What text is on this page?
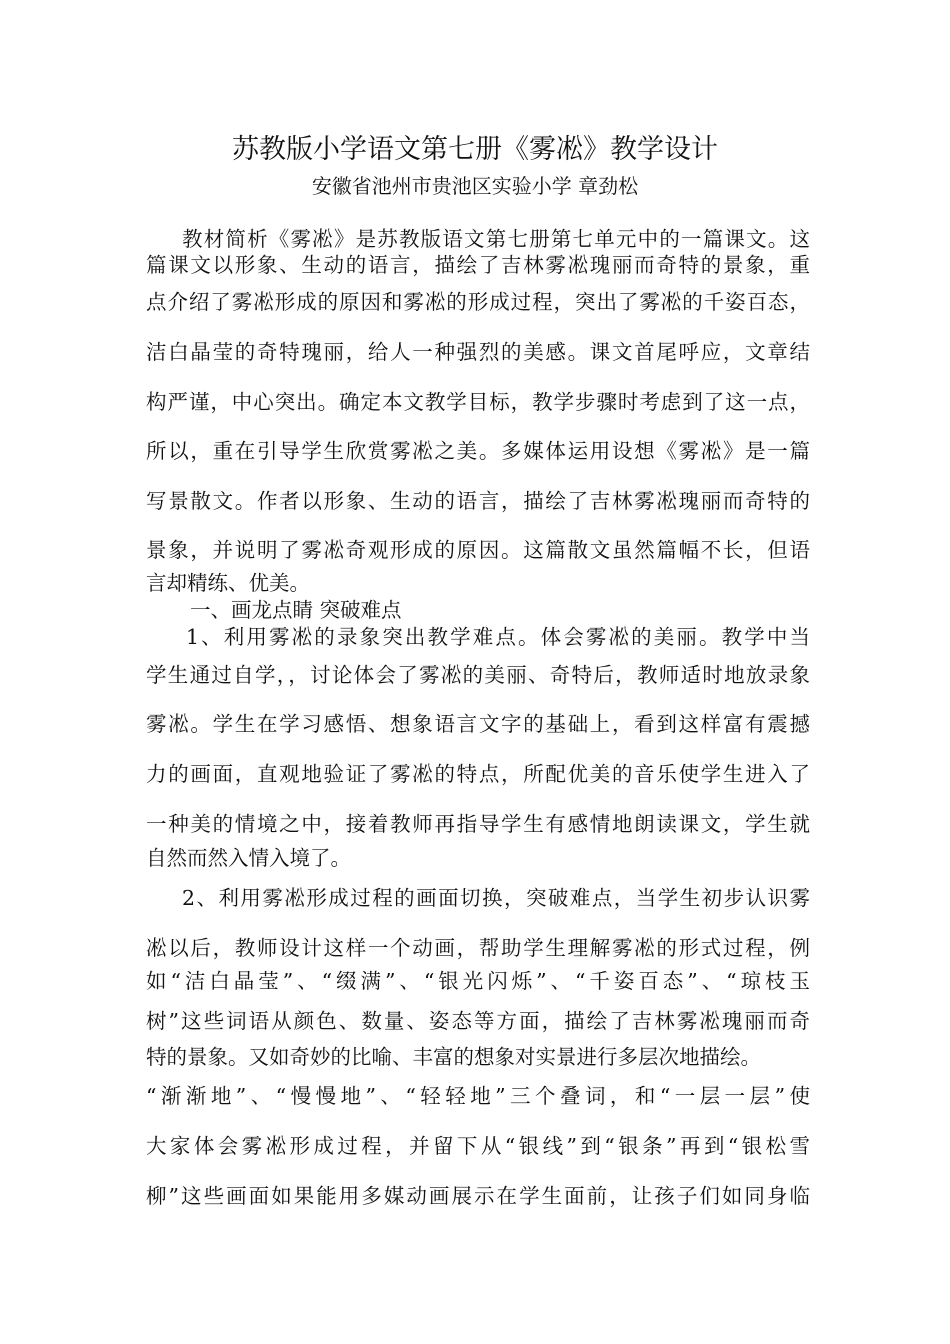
苏教版小学语文第七册《雾凇》教学设计
安徽省池州市贵池区实验小学 章劲松
教材简析《雾凇》是苏教版语文第七册第七单元中的一篇课文。这
篇课文以形象、生动的语言，描绘了吉林雾凇瑰丽而奇特的景象，重
点介绍了雾凇形成的原因和雾凇的形成过程，突出了雾凇的千姿百态，
洁白晶莹的奇特瑰丽，给人一种强烈的美感。课文首尾呼应，文章结
构严谨，中心突出。确定本文教学目标，教学步骤时考虑到了这一点，
所以，重在引导学生欣赏雾凇之美。多媒体运用设想《雾凇》是一篇
写景散文。作者以形象、生动的语言，描绘了吉林雾凇瑰丽而奇特的
景象，并说明了雾凇奇观形成的原因。这篇散文虽然篇幅不长，但语
言却精练、优美。
一、画龙点睛 突破难点
1、利用雾凇的录象突出教学难点。体会雾凇的美丽。教学中当
学生通过自学，，讨论体会了雾凇的美丽、奇特后，教师适时地放录象
雾凇。学生在学习感悟、想象语言文字的基础上，看到这样富有震撼
力的画面，直观地验证了雾凇的特点，所配优美的音乐使学生进入了
一种美的情境之中，接着教师再指导学生有感情地朗读课文，学生就
自然而然入情入境了。
2、利用雾凇形成过程的画面切换，突破难点，当学生初步认识雾
凇以后，教师设计这样一个动画，帮助学生理解雾凇的形式过程，例
如“洁白晶莹”、“缀满”、“银光闪烁”、“千姿百态”、“琼枝玉
树”这些词语从颜色、数量、姿态等方面，描绘了吉林雾凇瑰丽而奇
特的景象。又如奇妙的比喻、丰富的想象对实景进行多层次地描绘。
“渐渐地”、“慢慢地”、“轻轻地”三个叠词，和“一层一层”使
大家体会雾凇形成过程，并留下从“银线”到“银条”再到“银松雪
柳”这些画面如果能用多媒动画展示在学生面前，让孩子们如同身临
